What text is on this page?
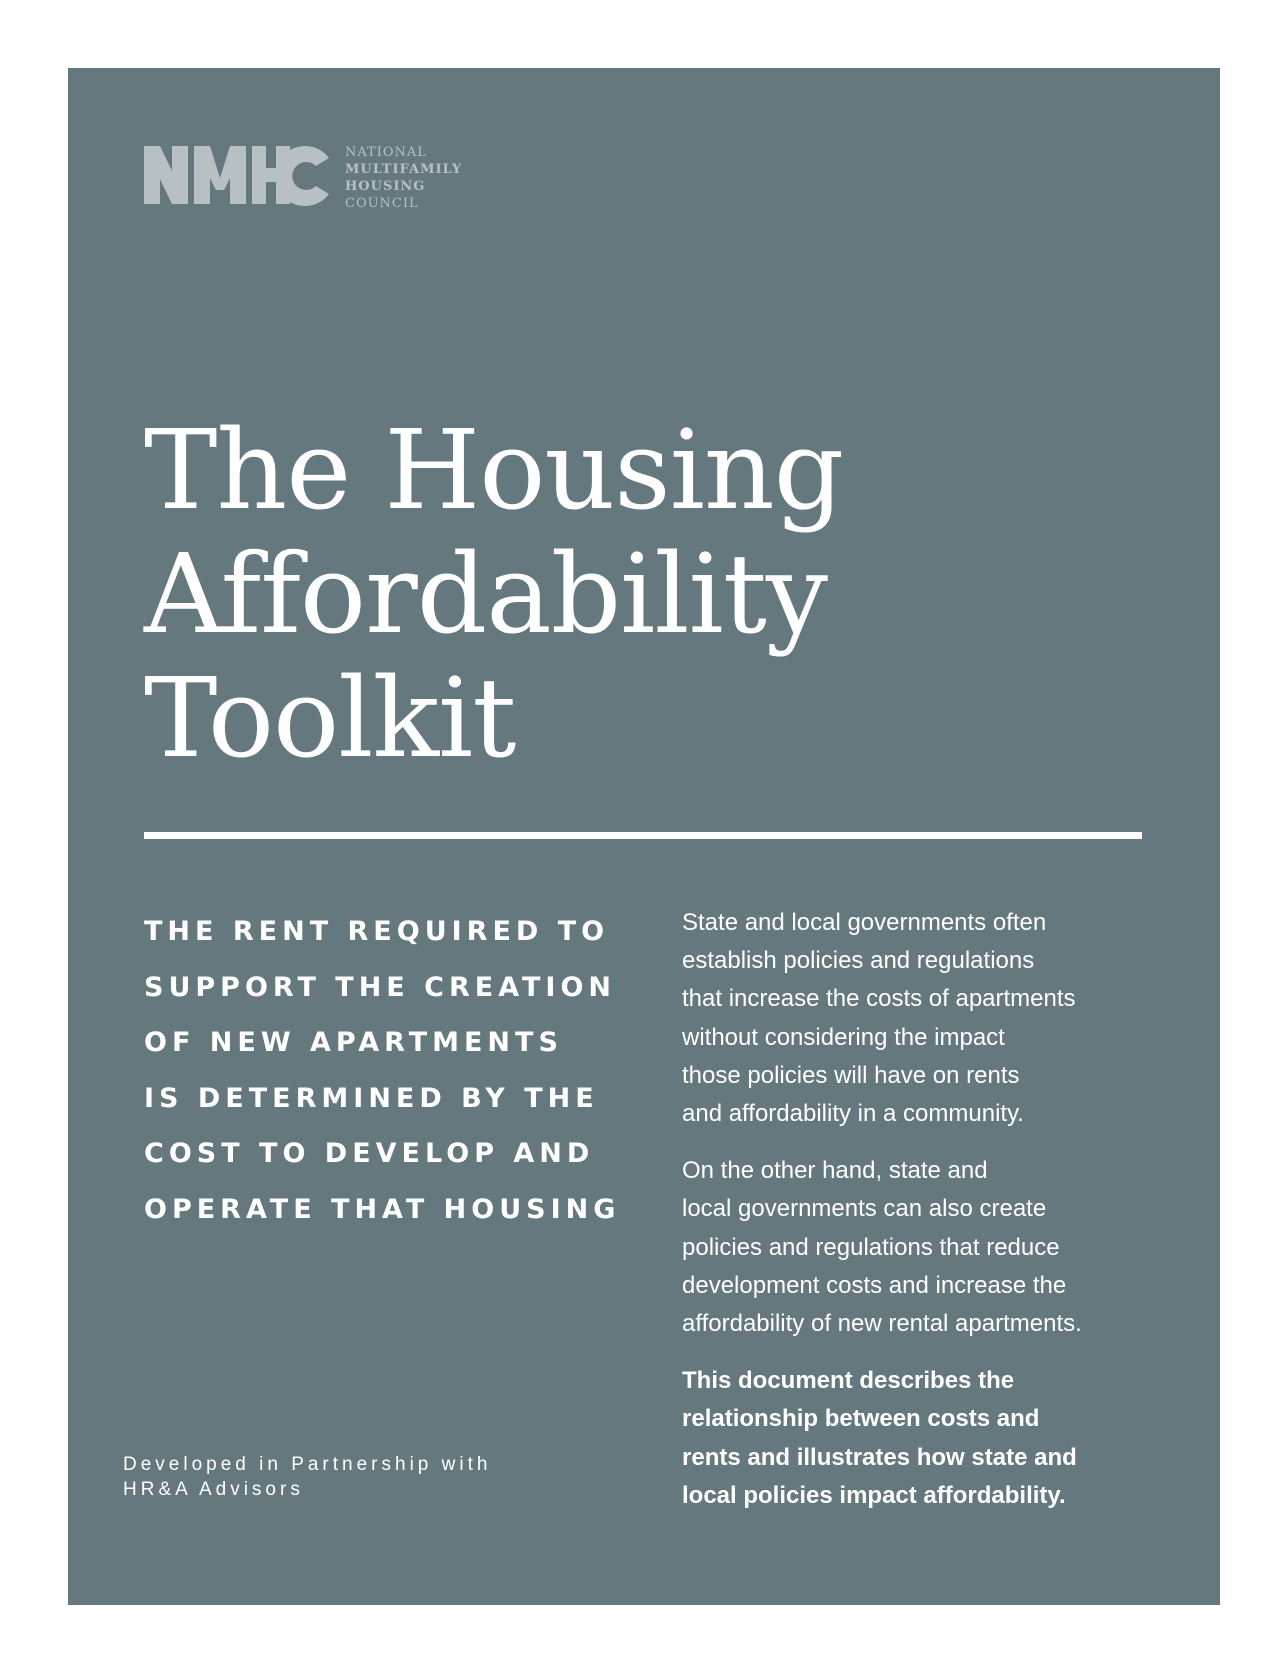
NATIONAL
MULTIFAMILY
HOUSING
COUNCIL
The Housing
Affordability
Toolkit
THE RENT REQUIRED TO
SUPPORT THE CREATION
OF NEW APARTMENTS
IS DETERMINED BY THE
COST TO DEVELOP AND
OPERATE THAT HOUSING
State and local governments often
establish policies and regulations
that increase the costs of apartments
without considering the impact
those policies will have on rents
and affordability in a community.
On the other hand, state and
local governments can also create
policies and regulations that reduce
development costs and increase the
affordability of new rental apartments.
This document describes the
relationship between costs and
rents and illustrates how state and
local policies impact affordability.
Developed in Partnership with
HR&A Advisors
